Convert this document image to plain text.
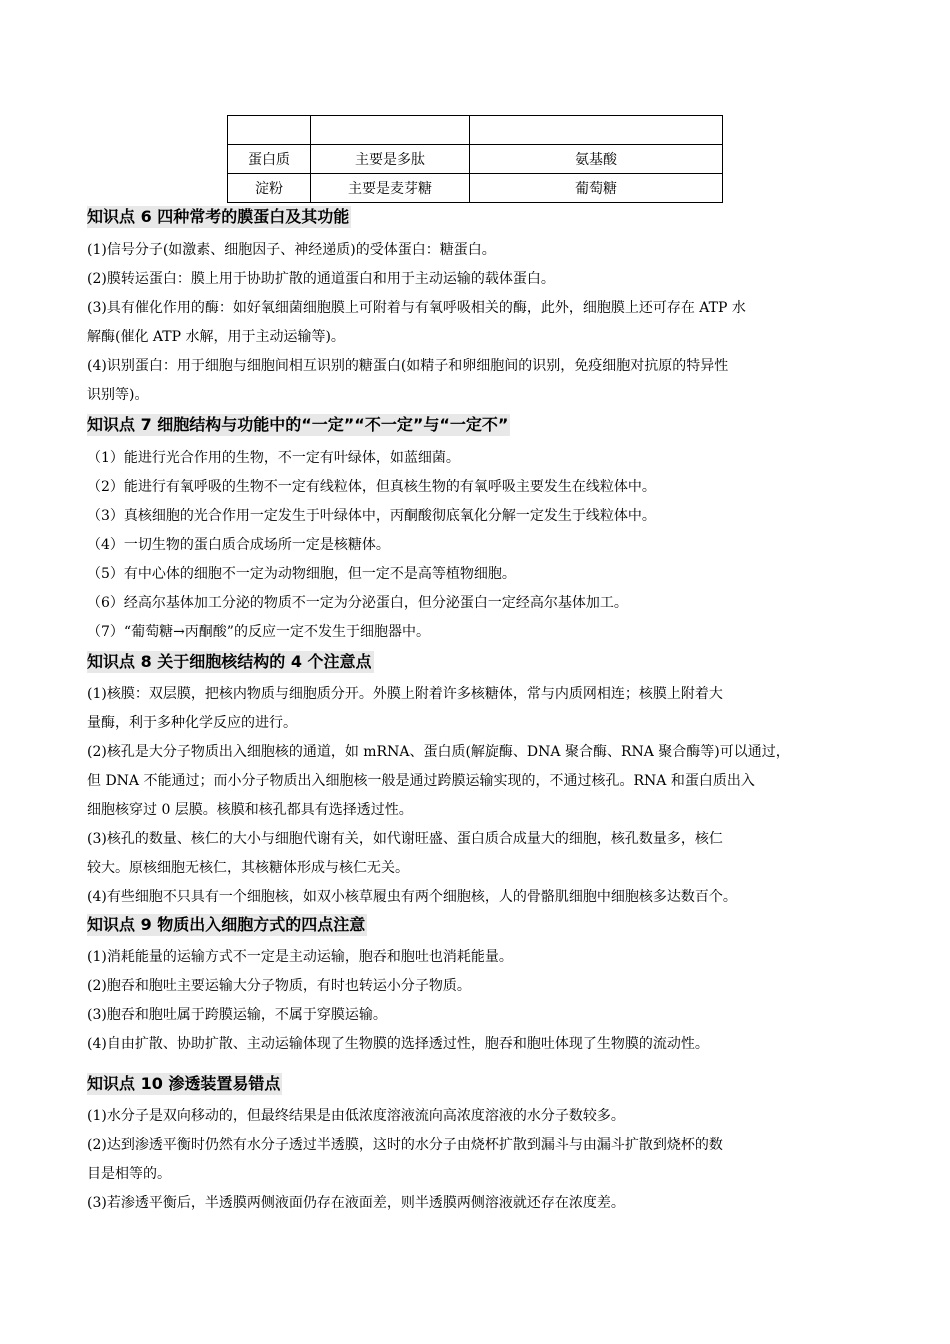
蛋白质	主要是多肽	氨基酸
淀粉	主要是麦芽糖	葡萄糖
知识点 6 四种常考的膜蛋白及其功能
(1)信号分子(如激素、细胞因子、神经递质)的受体蛋白：糖蛋白。
(2)膜转运蛋白：膜上用于协助扩散的通道蛋白和用于主动运输的载体蛋白。
(3)具有催化作用的酶：如好氧细菌细胞膜上可附着与有氧呼吸相关的酶，此外，细胞膜上还可存在 ATP 水
解酶(催化 ATP 水解，用于主动运输等)。
(4)识别蛋白：用于细胞与细胞间相互识别的糖蛋白(如精子和卵细胞间的识别，免疫细胞对抗原的特异性
识别等)。
知识点 7 细胞结构与功能中的“一定”“不一定”与“一定不”
（1）能进行光合作用的生物，不一定有叶绿体，如蓝细菌。
（2）能进行有氧呼吸的生物不一定有线粒体，但真核生物的有氧呼吸主要发生在线粒体中。
（3）真核细胞的光合作用一定发生于叶绿体中，丙酮酸彻底氧化分解一定发生于线粒体中。
（4）一切生物的蛋白质合成场所一定是核糖体。
（5）有中心体的细胞不一定为动物细胞，但一定不是高等植物细胞。
（6）经高尔基体加工分泌的物质不一定为分泌蛋白，但分泌蛋白一定经高尔基体加工。
（7）“葡萄糖→丙酮酸”的反应一定不发生于细胞器中。
知识点 8 关于细胞核结构的 4 个注意点
(1)核膜：双层膜，把核内物质与细胞质分开。外膜上附着许多核糖体，常与内质网相连；核膜上附着大
量酶，利于多种化学反应的进行。
(2)核孔是大分子物质出入细胞核的通道，如 mRNA、蛋白质(解旋酶、DNA 聚合酶、RNA 聚合酶等)可以通过，
但 DNA 不能通过；而小分子物质出入细胞核一般是通过跨膜运输实现的，不通过核孔。RNA 和蛋白质出入
细胞核穿过 0 层膜。核膜和核孔都具有选择透过性。
(3)核孔的数量、核仁的大小与细胞代谢有关，如代谢旺盛、蛋白质合成量大的细胞，核孔数量多，核仁
较大。原核细胞无核仁，其核糖体形成与核仁无关。
(4)有些细胞不只具有一个细胞核，如双小核草履虫有两个细胞核，人的骨骼肌细胞中细胞核多达数百个。
知识点 9 物质出入细胞方式的四点注意
(1)消耗能量的运输方式不一定是主动运输，胞吞和胞吐也消耗能量。
(2)胞吞和胞吐主要运输大分子物质，有时也转运小分子物质。
(3)胞吞和胞吐属于跨膜运输，不属于穿膜运输。
(4)自由扩散、协助扩散、主动运输体现了生物膜的选择透过性，胞吞和胞吐体现了生物膜的流动性。
知识点 10 渗透装置易错点
(1)水分子是双向移动的，但最终结果是由低浓度溶液流向高浓度溶液的水分子数较多。
(2)达到渗透平衡时仍然有水分子透过半透膜，这时的水分子由烧杯扩散到漏斗与由漏斗扩散到烧杯的数
目是相等的。
(3)若渗透平衡后，半透膜两侧液面仍存在液面差，则半透膜两侧溶液就还存在浓度差。
